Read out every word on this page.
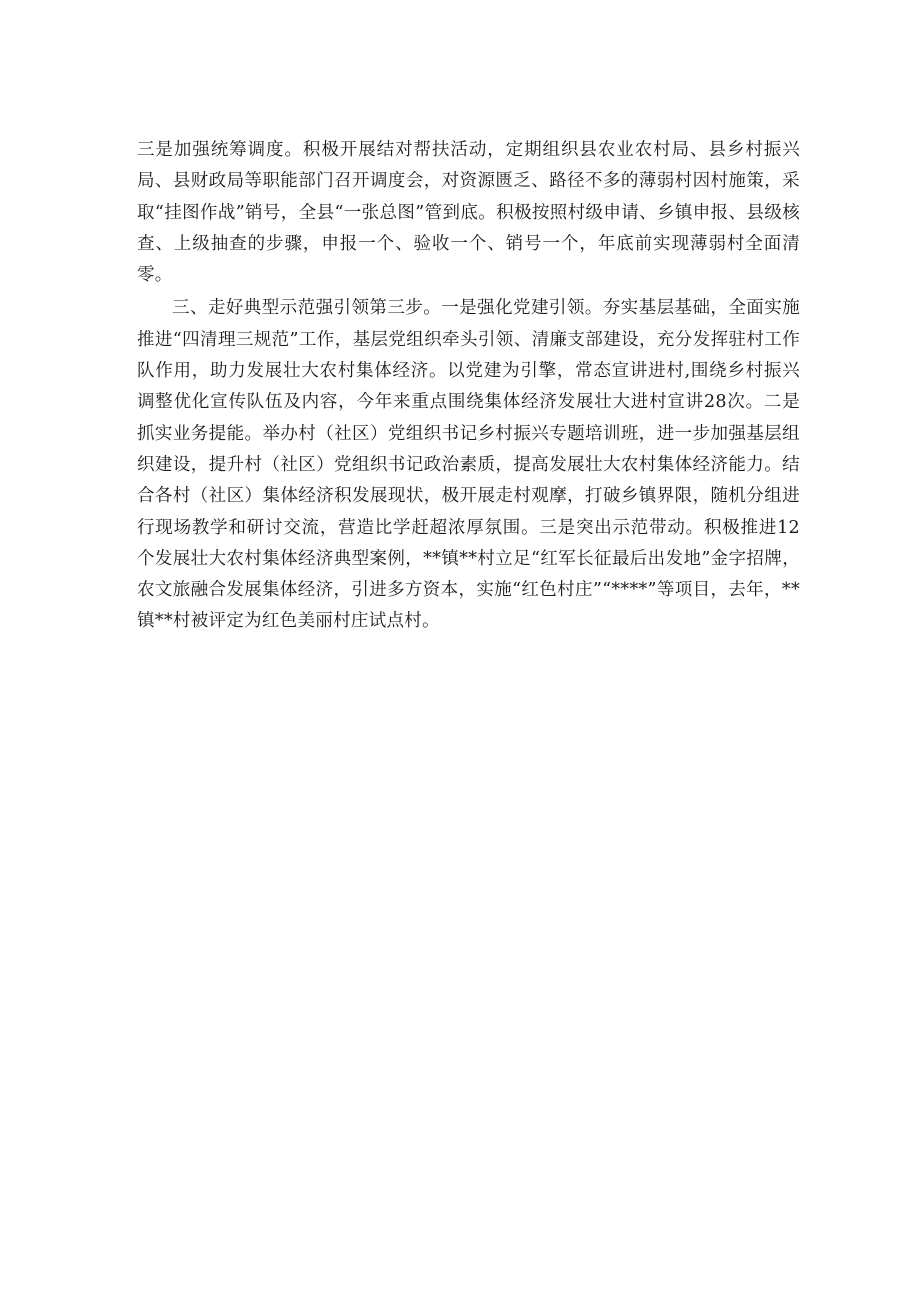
三是加强统筹调度。积极开展结对帮扶活动，定期组织县农业农村局、县乡村振兴局、县财政局等职能部门召开调度会，对资源匮乏、路径不多的薄弱村因村施策，采取“挂图作战”销号，全县“一张总图”管到底。积极按照村级申请、乡镇申报、县级核查、上级抽查的步骤，申报一个、验收一个、销号一个，年底前实现薄弱村全面清零。

三、走好典型示范强引领第三步。一是强化党建引领。夯实基层基础，全面实施推进“四清理三规范”工作，基层党组织牵头引领、清廉支部建设，充分发挥驻村工作队作用，助力发展壮大农村集体经济。以党建为引擎，常态宣讲进村,围绕乡村振兴调整优化宣传队伍及内容，今年来重点围绕集体经济发展壮大进村宣讲28次。二是抓实业务提能。举办村（社区）党组织书记乡村振兴专题培训班，进一步加强基层组织建设，提升村（社区）党组织书记政治素质，提高发展壮大农村集体经济能力。结合各村（社区）集体经济积发展现状，极开展走村观摩，打破乡镇界限，随机分组进行现场教学和研讨交流，营造比学赶超浓厚氛围。三是突出示范带动。积极推进12个发展壮大农村集体经济典型案例，**镇**村立足“红军长征最后出发地”金字招牌，农文旅融合发展集体经济，引进多方资本，实施“红色村庄”“****”等项目，去年，**镇**村被评定为红色美丽村庄试点村。
